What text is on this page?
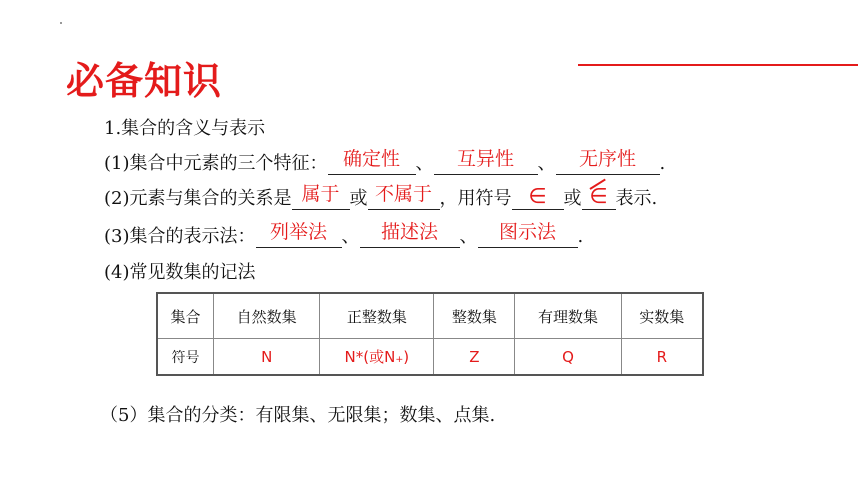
必备知识
1.集合的含义与表示
(1)集合中元素的三个特征： 确定性 、	互异性	、	无序性	.
(2)元素与集合的关系是 属于 或 不属于 ，用符号 ∈ 或 ∈ 表示.
(3)集合的表示法： 列举法 、	描述法	、	图示法	.
(4)常见数集的记法
集合	自然数集	正整数集	整数集	有理数集	实数集
符号	N	N*(或N₊)	Z	Q	R
（5）集合的分类：有限集、无限集；数集、点集.
